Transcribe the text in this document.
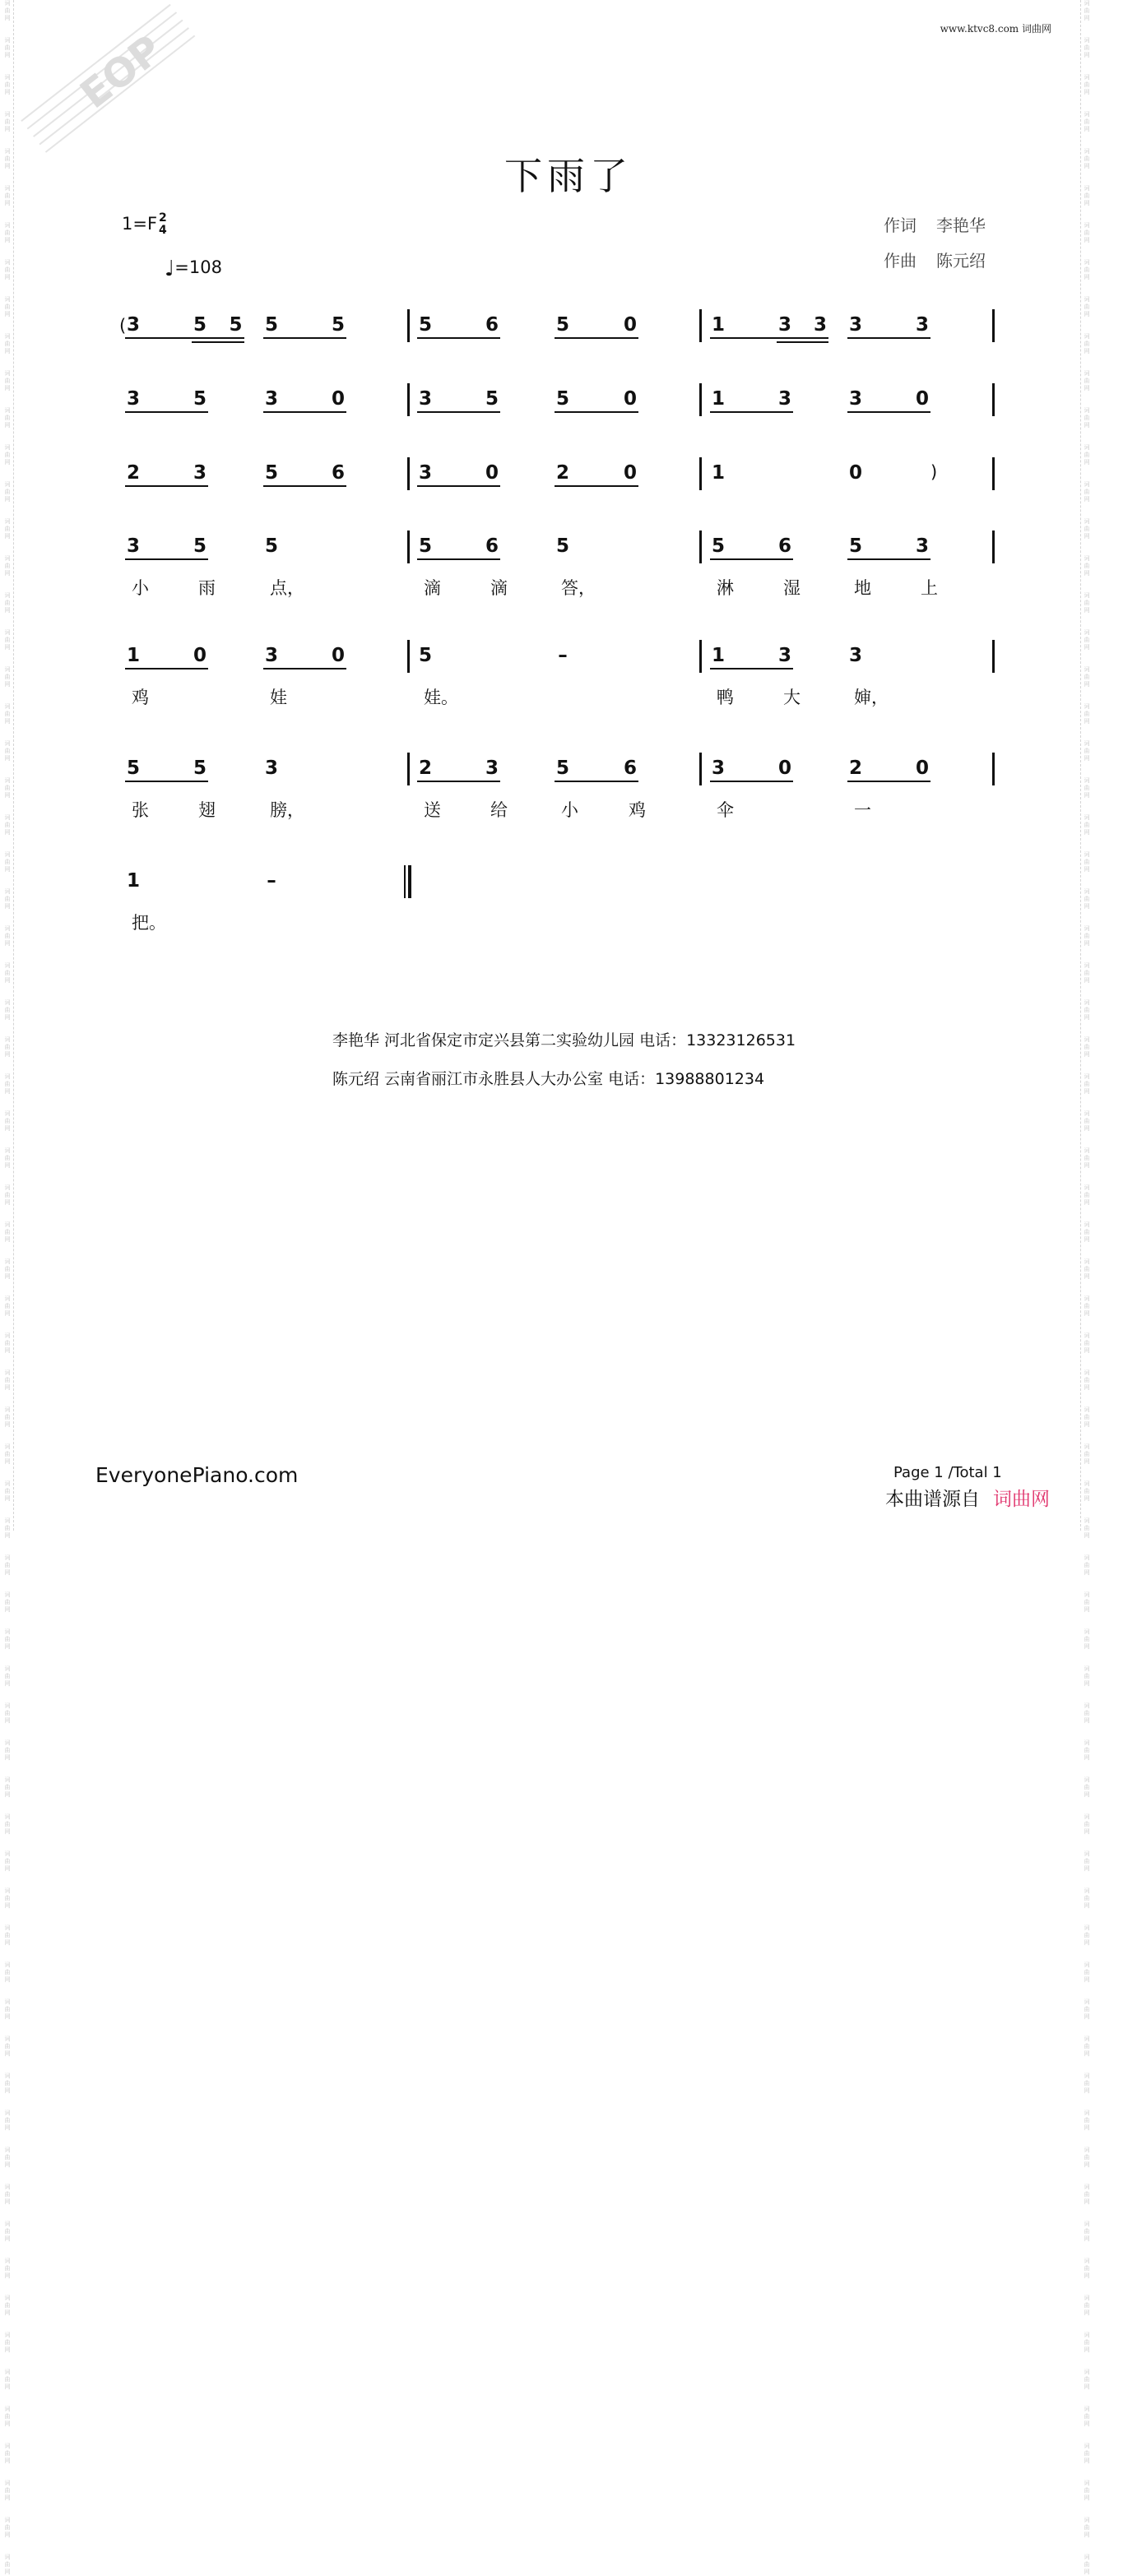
词
曲
网

词
曲
网

词
曲
网

词
曲
网

词
曲
网

词
曲
网

词
曲
网

词
曲
网

词
曲
网

词
曲
网

词
曲
网

词
曲
网

词
曲
网

词
曲
网

词
曲
网

词
曲
网

词
曲
网

词
曲
网

词
曲
网

词
曲
网

词
曲
网

词
曲
网

词
曲
网

词
曲
网

词
曲
网

词
曲
网

词
曲
网

词
曲
网

词
曲
网

词
曲
网

词
曲
网

词
曲
网

词
曲
网

词
曲
网

词
曲
网

词
曲
网

词
曲
网

词
曲
网

词
曲
网

词
曲
网

词
曲
网

词
曲
网

词
曲
网

词
曲
网

词
曲
网

词
曲
网

词
曲
网

词
曲
网

词
曲
网

词
曲
网

词
曲
网

词
曲
网

词
曲
网

词
曲
网

词
曲
网

词
曲
网

词
曲
网

词
曲
网

词
曲
网

词
曲
网

词
曲
网

词
曲
网

词
曲
网

词
曲
网

词
曲
网

词
曲
网

词
曲
网

词
曲
网

词
曲
网

词
曲
网

词
曲
网

词
曲
网

词
曲
网

词
曲
网

词
曲
网

词
曲
网

词
曲
网

词
曲
网

词
曲
网

词
曲
网

词
曲
网

词
曲
网

词
曲
网

词
曲
网

词
曲
网

词
曲
网

词
曲
网

词
曲
网

词
曲
网

词
曲
网

词
曲
网

词
曲
网

词
曲
网

词
曲
网

词
曲
网

词
曲
网

词
曲
网

词
曲
网

词
曲
网

词
曲
网

词
曲
网

词
曲
网

词
曲
网

词
曲
网

词
曲
网

词
曲
网

词
曲
网

词
曲
网

词
曲
网

词
曲
网

词
曲
网

词
曲
网

词
曲
网

词
曲
网

词
曲
网

词
曲
网

词
曲
网

词
曲
网

词
曲
网

词
曲
网

词
曲
网

词
曲
网

词
曲
网

词
曲
网

词
曲
网

词
曲
网

词
曲
网

词
曲
网

词
曲
网

词
曲
网

词
曲
网

词
曲
网

词
曲
网

词
曲
网

词
曲
网

词
曲
网

词
曲
网

词
曲
网

词
曲
网

词
曲
网

EOP	www.ktvc8.com 词曲网
下雨了
1=F 2
4
♩=108
作词 李艳华
作曲 陈元绍
3	5 5 5	5	5	6	5	0	1	3 3 3	3
3	5	3	0	3	5	5	0	1	3	3	0
2	3	5	6	3	0	2	0	1	0
3	5	5	5	6	5	5	6	5	3
小	雨	点，	滴	滴	答，	淋	湿	地	上
1	0	3	0	5	–	1	3	3
鸡	娃	娃。	鸭	大	婶，
5	5	3	2	3	5	6	3	0	2	0
张	翅	膀，	送	给	小	鸡	伞	一
1	–
把。
(
)
李艳华 河北省保定市定兴县第二实验幼儿园 电话：13323126531
陈元绍 云南省丽江市永胜县人大办公室 电话：13988801234
EveryonePiano.com	Page 1 /Total 1
本曲谱源自 词曲网
